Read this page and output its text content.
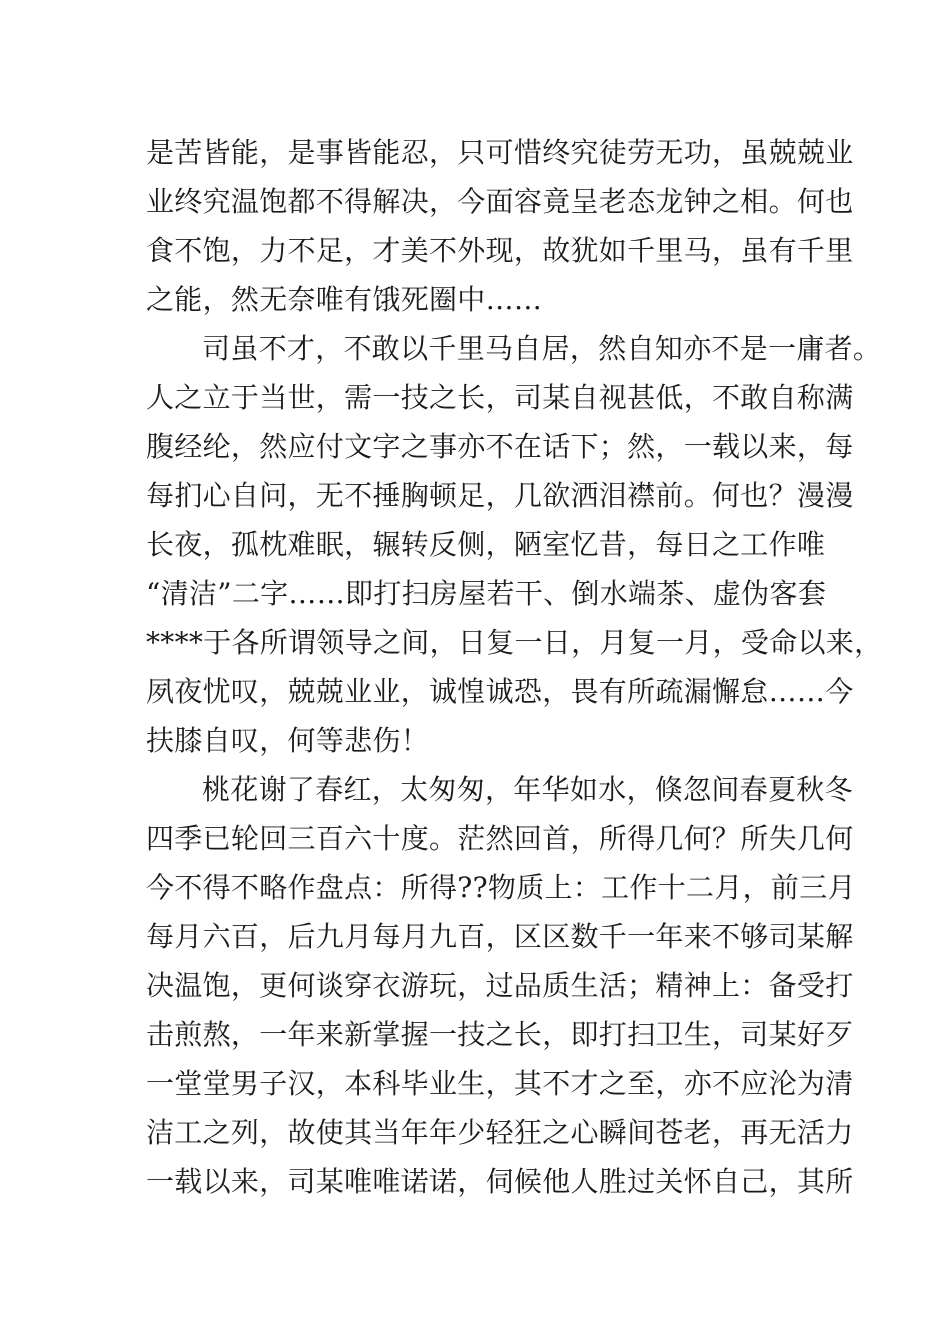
是苦皆能，是事皆能忍，只可惜终究徒劳无功，虽兢兢业
业终究温饱都不得解决，今面容竟呈老态龙钟之相。何也
食不饱，力不足，才美不外现，故犹如千里马，虽有千里
之能，然无奈唯有饿死圈中……
司虽不才，不敢以千里马自居，然自知亦不是一庸者。
人之立于当世，需一技之长，司某自视甚低，不敢自称满
腹经纶，然应付文字之事亦不在话下；然，一载以来，每
每扪心自问，无不捶胸顿足，几欲洒泪襟前。何也？漫漫
长夜，孤枕难眠，辗转反侧，陋室忆昔，每日之工作唯
“清洁”二字……即打扫房屋若干、倒水端茶、虚伪客套
****于各所谓领导之间，日复一日，月复一月，受命以来，
夙夜忧叹，兢兢业业，诚惶诚恐，畏有所疏漏懈怠……今
扶膝自叹，何等悲伤！
桃花谢了春红，太匆匆，年华如水，倏忽间春夏秋冬
四季已轮回三百六十度。茫然回首，所得几何？所失几何
今不得不略作盘点：所得??物质上：工作十二月，前三月
每月六百，后九月每月九百，区区数千一年来不够司某解
决温饱，更何谈穿衣游玩，过品质生活；精神上：备受打
击煎熬，一年来新掌握一技之长，即打扫卫生，司某好歹
一堂堂男子汉，本科毕业生，其不才之至，亦不应沦为清
洁工之列，故使其当年年少轻狂之心瞬间苍老，再无活力
一载以来，司某唯唯诺诺，伺候他人胜过关怀自己，其所
